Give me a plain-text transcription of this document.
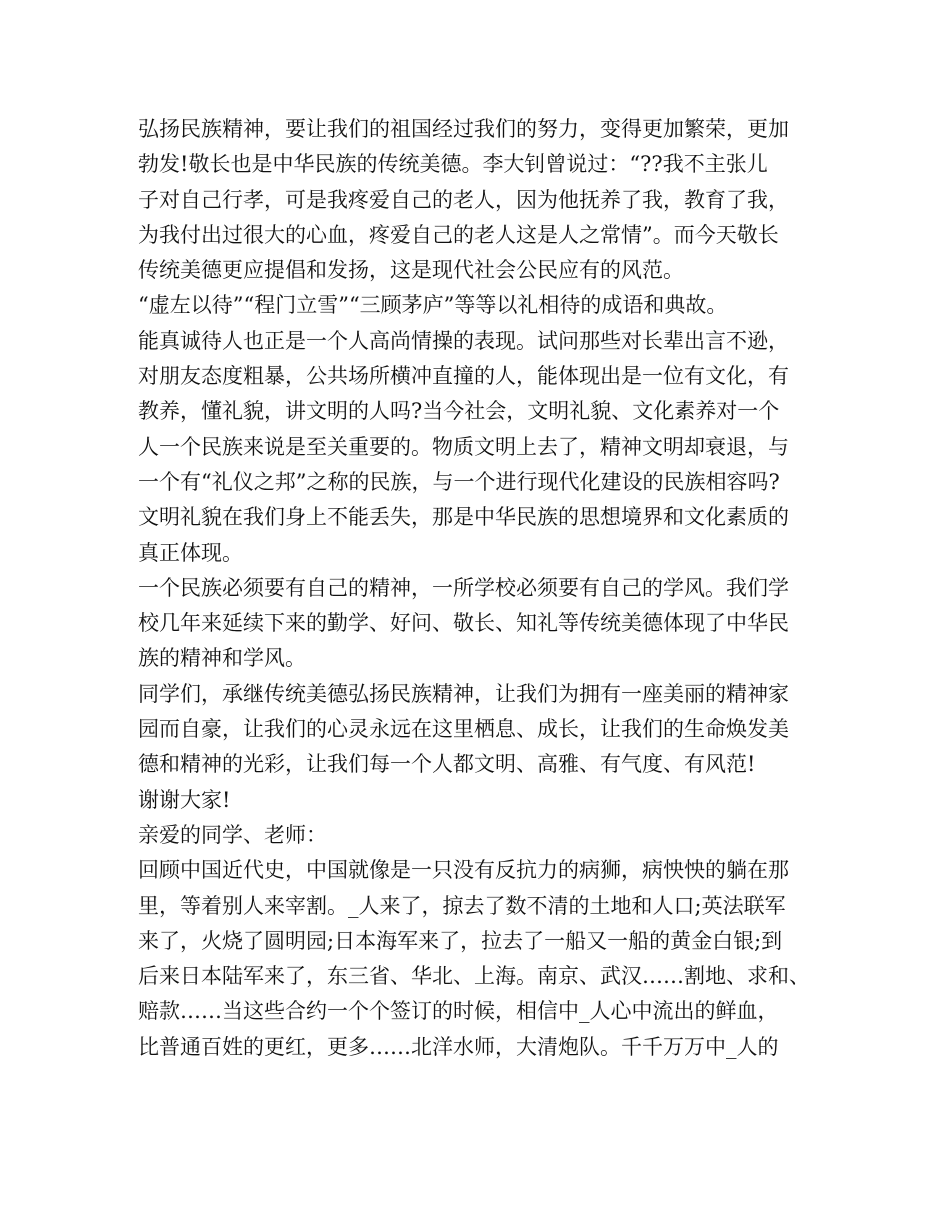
弘扬民族精神，要让我们的祖国经过我们的努力，变得更加繁荣，更加
勃发!敬长也是中华民族的传统美德。李大钊曾说过：“??我不主张儿
子对自己行孝，可是我疼爱自己的老人，因为他抚养了我，教育了我，
为我付出过很大的心血，疼爱自己的老人这是人之常情”。而今天敬长
传统美德更应提倡和发扬，这是现代社会公民应有的风范。
“虚左以待”“程门立雪”“三顾茅庐”等等以礼相待的成语和典故。
能真诚待人也正是一个人高尚情操的表现。试问那些对长辈出言不逊，
对朋友态度粗暴，公共场所横冲直撞的人，能体现出是一位有文化，有
教养，懂礼貌，讲文明的人吗?当今社会，文明礼貌、文化素养对一个
人一个民族来说是至关重要的。物质文明上去了，精神文明却衰退，与
一个有“礼仪之邦”之称的民族，与一个进行现代化建设的民族相容吗?
文明礼貌在我们身上不能丢失，那是中华民族的思想境界和文化素质的
真正体现。
一个民族必须要有自己的精神，一所学校必须要有自己的学风。我们学
校几年来延续下来的勤学、好问、敬长、知礼等传统美德体现了中华民
族的精神和学风。
同学们，承继传统美德弘扬民族精神，让我们为拥有一座美丽的精神家
园而自豪，让我们的心灵永远在这里栖息、成长，让我们的生命焕发美
德和精神的光彩，让我们每一个人都文明、高雅、有气度、有风范!
谢谢大家!
亲爱的同学、老师：
回顾中国近代史，中国就像是一只没有反抗力的病狮，病怏怏的躺在那
里，等着别人来宰割。_人来了，掠去了数不清的土地和人口;英法联军
来了，火烧了圆明园;日本海军来了，拉去了一船又一船的黄金白银;到
后来日本陆军来了，东三省、华北、上海。南京、武汉……割地、求和、
赔款……当这些合约一个个签订的时候，相信中_人心中流出的鲜血，
比普通百姓的更红，更多……北洋水师，大清炮队。千千万万中_人的
